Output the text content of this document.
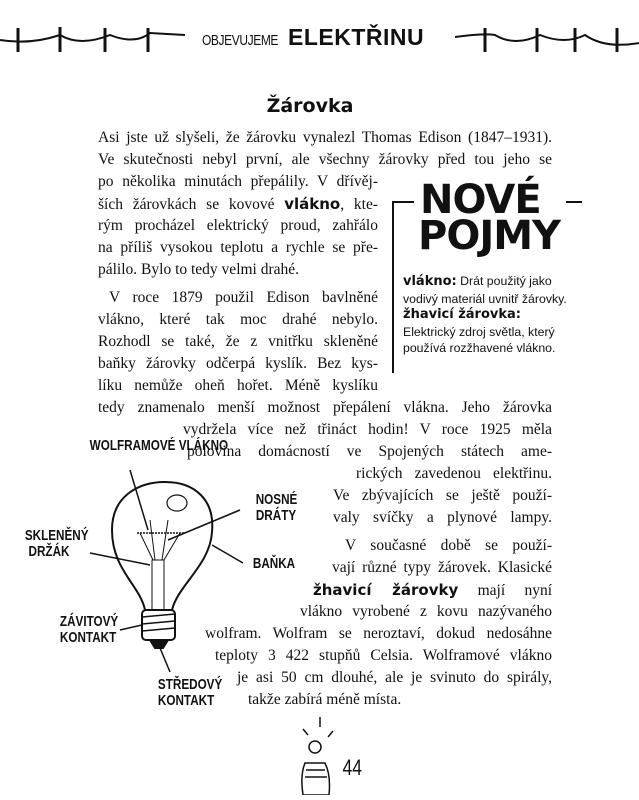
OBJEVUJEME ELEKTŘINU
Žárovka
Asi jste už slyšeli, že žárovku vynalezl Thomas Edison (1847–1931).
Ve skutečnosti nebyl první, ale všechny žárovky před tou jeho se
po několika minutách přepálily. V dřívěj-
ších žárovkách se kovové vlákno, kte-
rým procházel elektrický proud, zahřálo
na příliš vysokou teplotu a rychle se pře-
pálilo. Bylo to tedy velmi drahé.
V roce 1879 použil Edison bavlněné
vlákno, které tak moc drahé nebylo.
Rozhodl se také, že z vnitřku skleněné
baňky žárovky odčerpá kyslík. Bez kys-
líku nemůže oheň hořet. Méně kyslíku
tedy znamenalo menší možnost přepálení vlákna. Jeho žárovka
vydržela více než třináct hodin! V roce 1925 měla
polovina domácností ve Spojených státech ame-
rických zavedenou elektřinu.
Ve zbývajících se ještě použí-
valy svíčky a plynové lampy.
V současné době se použí-
vají různé typy žárovek. Klasické
žhavicí žárovky mají nyní
vlákno vyrobené z kovu nazývaného
wolfram. Wolfram se neroztaví, dokud nedosáhne
teploty 3 422 stupňů Celsia. Wolframové vlákno
je asi 50 cm dlouhé, ale je svinuto do spirály,
takže zabírá méně místa.
NOVÉ
POJMY
vlákno: Drát použitý jako vodivý materiál uvnitř žárovky.
žhavicí žárovka:
Elektrický zdroj světla, který používá rozžhavené vlákno.
WOLFRAMOVÉ VLÁKNO
NOSNÉ DRÁTY
SKLENĚNÝ DRŽÁK
BAŇKA
ZÁVITOVÝ KONTAKT
STŘEDOVÝ KONTAKT
44
